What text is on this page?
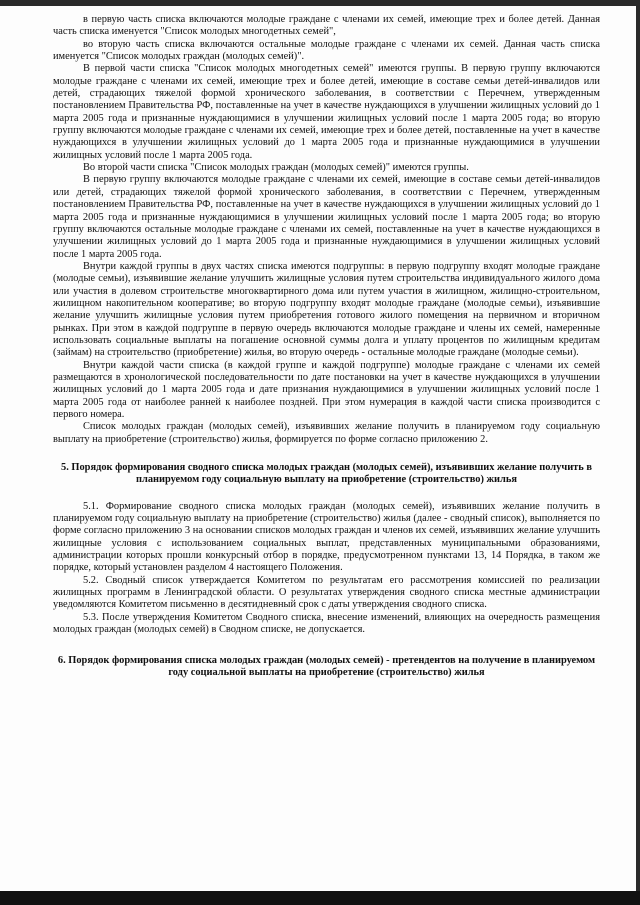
в первую часть списка включаются молодые граждане с членами их семей, имеющие трех и более детей. Данная часть списка именуется "Список молодых многодетных семей",

во вторую часть списка включаются остальные молодые граждане с членами их семей. Данная часть списка именуется "Список молодых граждан (молодых семей)".

В первой части списка "Список молодых многодетных семей" имеются группы. В первую группу включаются молодые граждане с членами их семей, имеющие трех и более детей, имеющие в составе семьи детей-инвалидов или детей, страдающих тяжелой формой хронического заболевания, в соответствии с Перечнем, утвержденным постановлением Правительства РФ, поставленные на учет в качестве нуждающихся в улучшении жилищных условий до 1 марта 2005 года и признанные нуждающимися в улучшении жилищных условий после 1 марта 2005 года; во вторую группу включаются молодые граждане с членами их семей, имеющие трех и более детей, поставленные на учет в качестве нуждающихся в улучшении жилищных условий до 1 марта 2005 года и признанные нуждающимися в улучшении жилищных условий после 1 марта 2005 года.

Во второй части списка "Список молодых граждан (молодых семей)" имеются группы.

В первую группу включаются молодые граждане с членами их семей, имеющие в составе семьи детей-инвалидов или детей, страдающих тяжелой формой хронического заболевания, в соответствии с Перечнем, утвержденным постановлением Правительства РФ, поставленные на учет в качестве нуждающихся в улучшении жилищных условий до 1 марта 2005 года и признанные нуждающимися в улучшении жилищных условий после 1 марта 2005 года; во вторую группу включаются остальные молодые граждане с членами их семей, поставленные на учет в качестве нуждающихся в улучшении жилищных условий до 1 марта 2005 года и признанные нуждающимися в улучшении жилищных условий после 1 марта 2005 года.

Внутри каждой группы в двух частях списка имеются подгруппы: в первую подгруппу входят молодые граждане (молодые семьи), изъявившие желание улучшить жилищные условия путем строительства индивидуального жилого дома или участия в долевом строительстве многоквартирного дома или путем участия в жилищном, жилищно-строительном, жилищном накопительном кооперативе; во вторую подгруппу входят молодые граждане (молодые семьи), изъявившие желание улучшить жилищные условия путем приобретения готового жилого помещения на первичном и вторичном рынках. При этом в каждой подгруппе в первую очередь включаются молодые граждане и члены их семей, намеренные использовать социальные выплаты на погашение основной суммы долга и уплату процентов по жилищным кредитам (займам) на строительство (приобретение) жилья, во вторую очередь - остальные молодые граждане (молодые семьи).

Внутри каждой части списка (в каждой группе и каждой подгруппе) молодые граждане с членами их семей размещаются в хронологической последовательности по дате постановки на учет в качестве нуждающихся в улучшении жилищных условий до 1 марта 2005 года и дате признания нуждающимися в улучшении жилищных условий после 1 марта 2005 года от наиболее ранней к наиболее поздней. При этом нумерация в каждой части списка производится с первого номера.

Список молодых граждан (молодых семей), изъявивших желание получить в планируемом году социальную выплату на приобретение (строительство) жилья, формируется по форме согласно приложению 2.

5. Порядок формирования сводного списка молодых граждан (молодых семей), изъявивших желание получить в планируемом году социальную выплату на приобретение (строительство) жилья

5.1. Формирование сводного списка молодых граждан (молодых семей), изъявивших желание получить в планируемом году социальную выплату на приобретение (строительство) жилья (далее - сводный список), выполняется по форме согласно приложению 3 на основании списков молодых граждан и членов их семей, изъявивших желание улучшить жилищные условия с использованием социальных выплат, представленных муниципальными образованиями, администрации которых прошли конкурсный отбор в порядке, предусмотренном пунктами 13, 14 Порядка, в таком же порядке, который установлен разделом 4 настоящего Положения.

5.2. Сводный список утверждается Комитетом по результатам его рассмотрения комиссией по реализации жилищных программ в Ленинградской области. О результатах утверждения сводного списка местные администрации уведомляются Комитетом письменно в десятидневный срок с даты утверждения сводного списка.

5.3. После утверждения Комитетом Сводного списка, внесение изменений, влияющих на очередность размещения молодых граждан (молодых семей) в Сводном списке, не допускается.

6. Порядок формирования списка молодых граждан (молодых семей) - претендентов на получение в планируемом году социальной выплаты на приобретение (строительство) жилья
